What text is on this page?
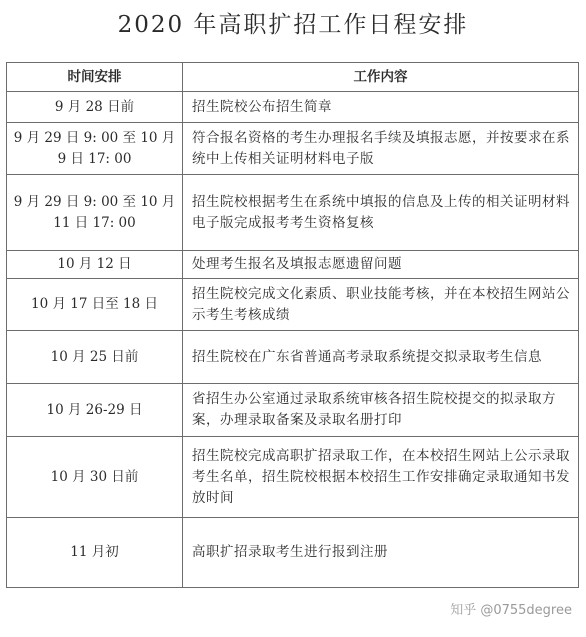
2020 年高职扩招工作日程安排
时间安排	工作内容
9 月 28 日前	招生院校公布招生简章
9 月 29 日 9: 00 至 10 月 9 日 17: 00	符合报名资格的考生办理报名手续及填报志愿，并按要求在系统中上传相关证明材料电子版
9 月 29 日 9: 00 至 10 月 11 日 17: 00	招生院校根据考生在系统中填报的信息及上传的相关证明材料电子版完成报考考生资格复核
10 月 12 日	处理考生报名及填报志愿遗留问题
10 月 17 日至 18 日	招生院校完成文化素质、职业技能考核，并在本校招生网站公示考生考核成绩
10 月 25 日前	招生院校在广东省普通高考录取系统提交拟录取考生信息
10 月 26-29 日	省招生办公室通过录取系统审核各招生院校提交的拟录取方案，办理录取备案及录取名册打印
10 月 30 日前	招生院校完成高职扩招录取工作，在本校招生网站上公示录取考生名单，招生院校根据本校招生工作安排确定录取通知书发放时间
11 月初	高职扩招录取考生进行报到注册
知乎 @0755degree
